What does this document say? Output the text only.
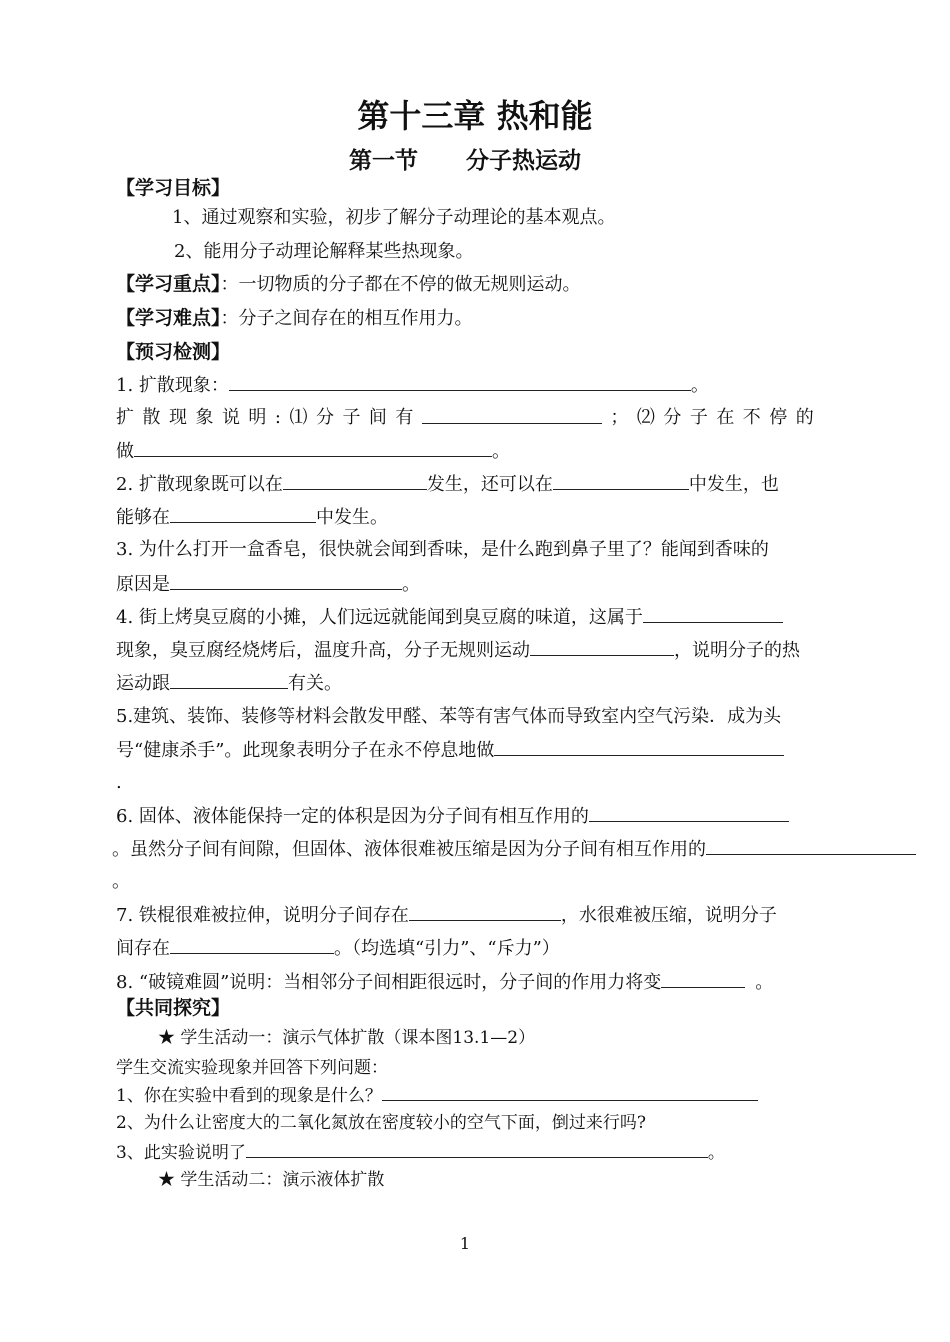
第十三章 热和能
第一节      分子热运动
【学习目标】
1、通过观察和实验，初步了解分子动理论的基本观点。
2、能用分子动理论解释某些热现象。
【学习重点】：一切物质的分子都在不停的做无规则运动。
【学习难点】：分子之间存在的相互作用力。
【预习检测】
1. 扩散现象：	。
扩 散 现 象 说 明 : ⑴ 分 子 间 有	； ⑵ 分 子 在 不 停 的
做	。
2. 扩散现象既可以在	发生，还可以在	中发生，也
能够在	中发生。
3. 为什么打开一盒香皂，很快就会闻到香味，是什么跑到鼻子里了？能闻到香味的
原因是	。
4. 街上烤臭豆腐的小摊，人们远远就能闻到臭豆腐的味道，这属于
现象，臭豆腐经烧烤后，温度升高，分子无规则运动	，说明分子的热
运动跟	有关。
5.建筑、装饰、装修等材料会散发甲醛、苯等有害气体而导致室内空气污染．成为头
号“健康杀手”。此现象表明分子在永不停息地做
.
6. 固体、液体能保持一定的体积是因为分子间有相互作用的
。虽然分子间有间隙，但固体、液体很难被压缩是因为分子间有相互作用的
。
7. 铁棍很难被拉伸，说明分子间存在	，水很难被压缩，说明分子
间存在	。（均选填“引力”、“斥力”）
8. “破镜难圆”说明：当相邻分子间相距很远时，分子间的作用力将变	。
【共同探究】
★ 学生活动一：演示气体扩散（课本图13.1—2）
学生交流实验现象并回答下列问题：
1、你在实验中看到的现象是什么？
2、为什么让密度大的二氧化氮放在密度较小的空气下面，倒过来行吗?
3、此实验说明了	。
★ 学生活动二：演示液体扩散
1
